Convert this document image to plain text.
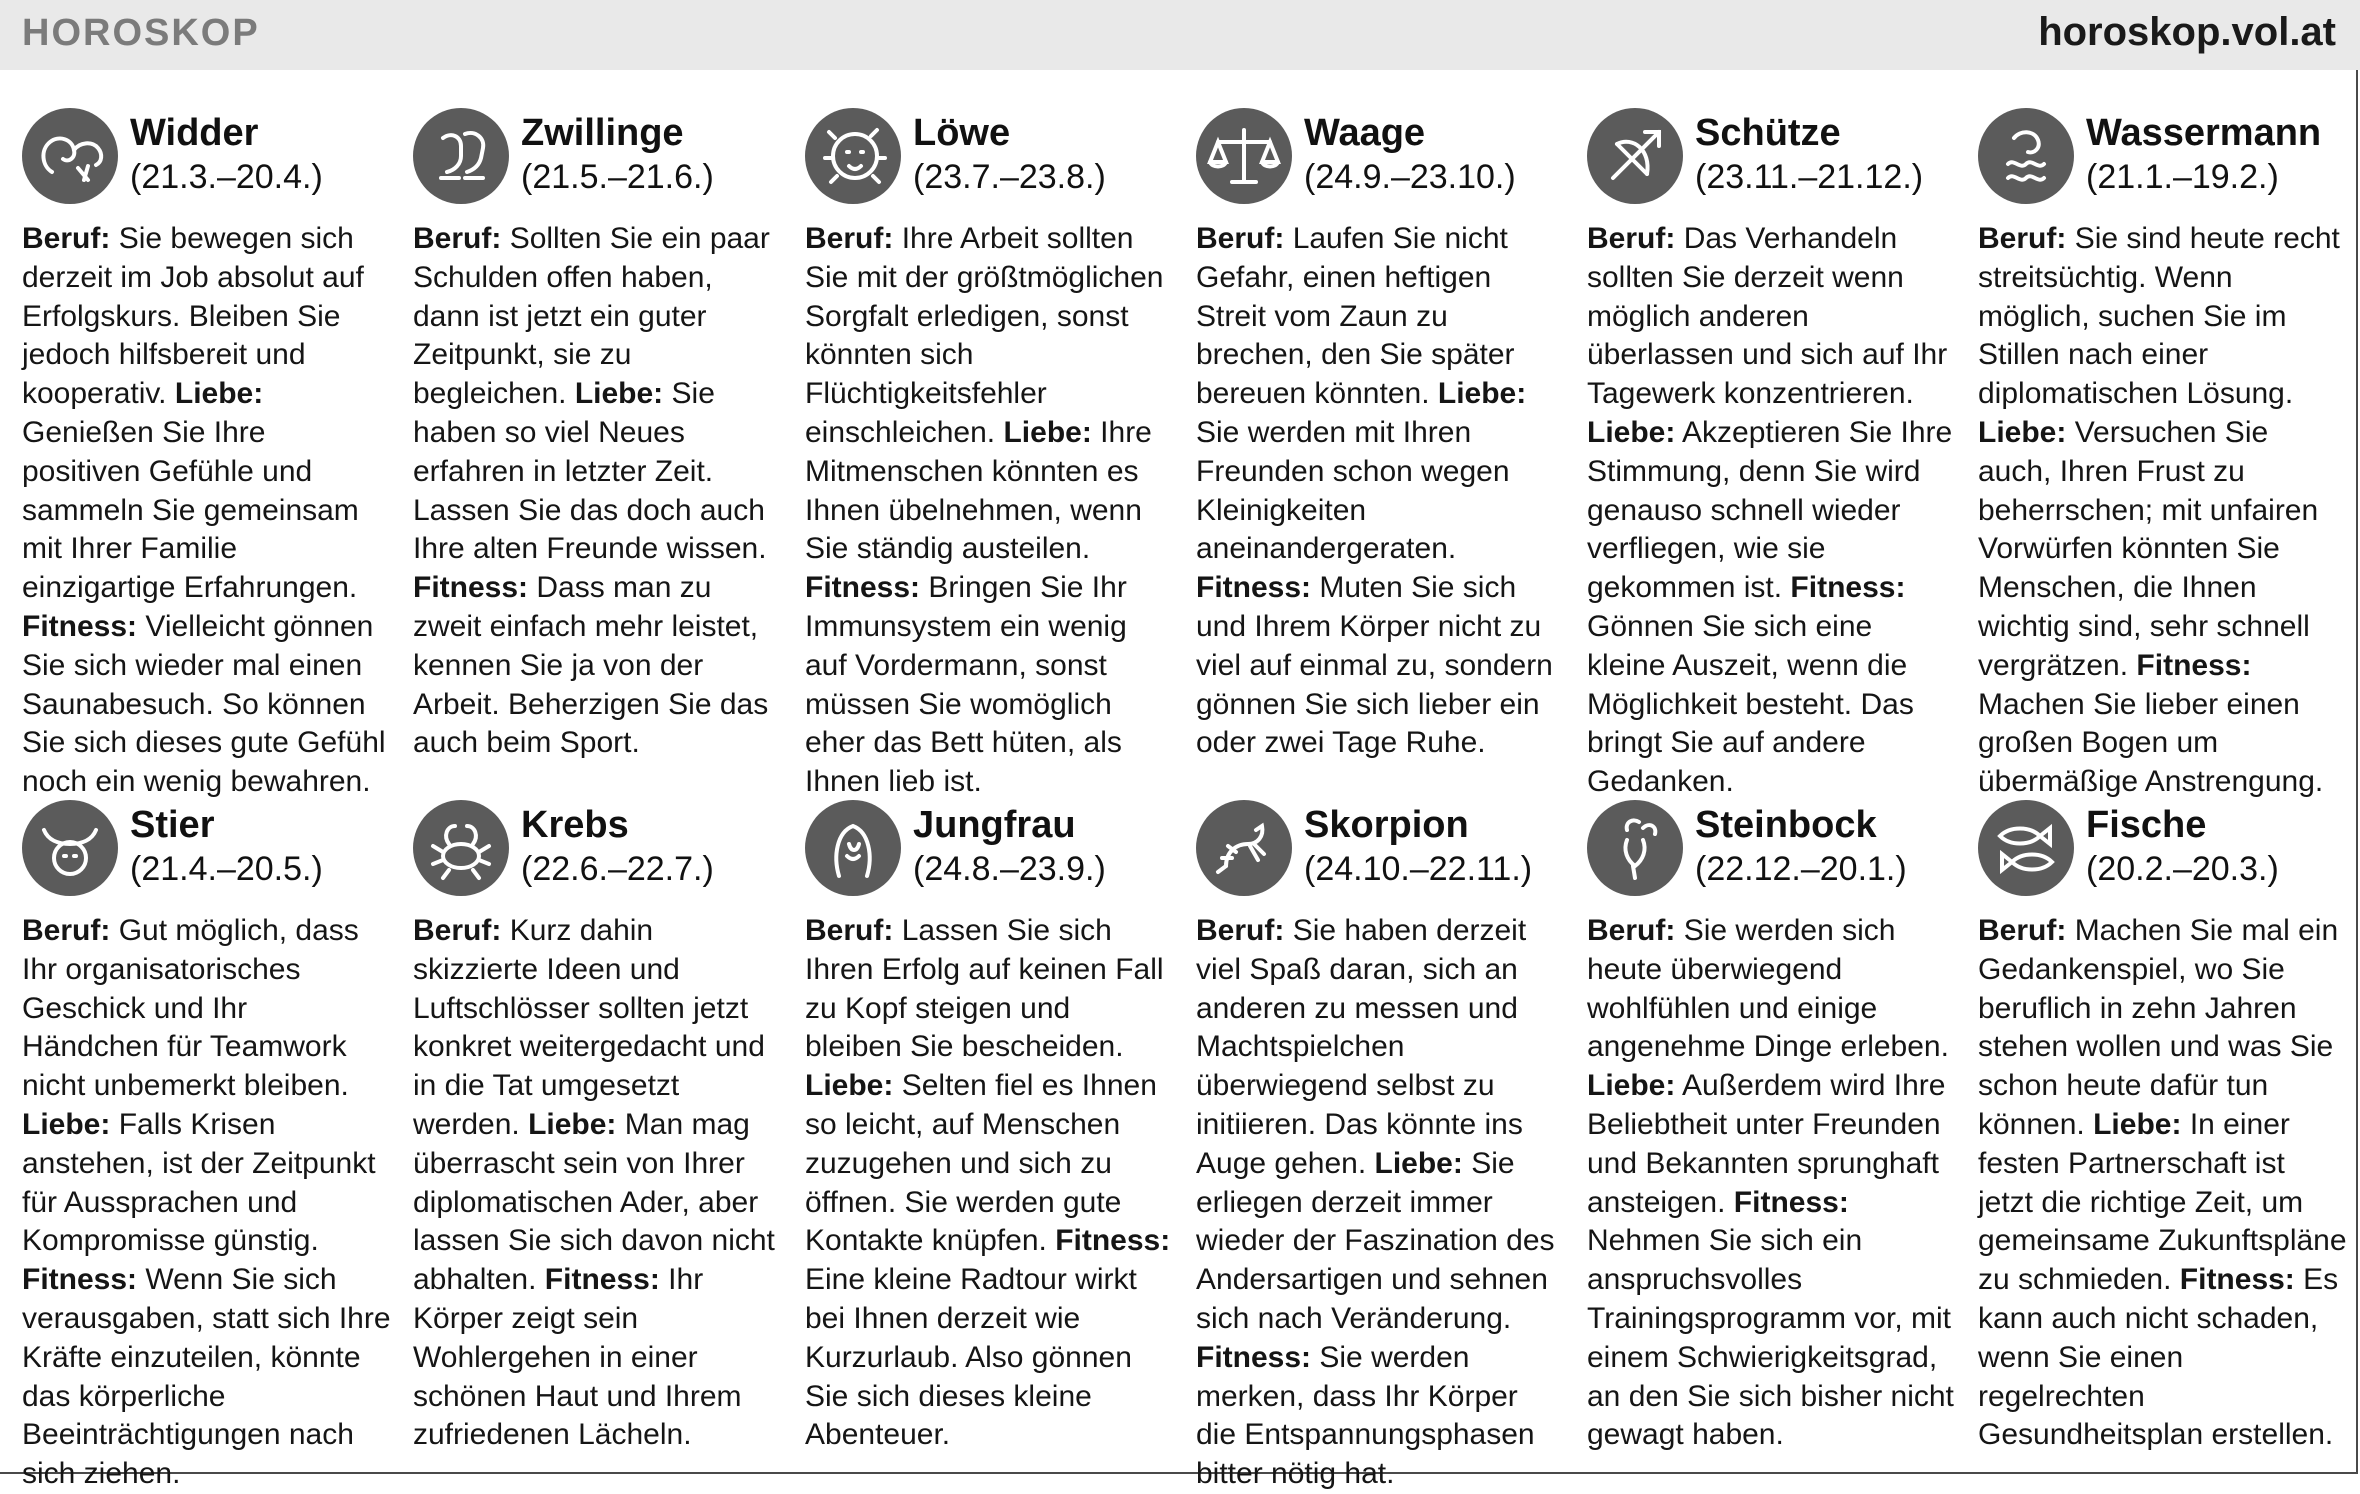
HOROSKOP	horoskop.vol.at
Widder
(21.3.–20.4.)
Beruf: Sie bewegen sich derzeit im Job absolut auf Erfolgskurs. Bleiben Sie jedoch hilfsbereit und kooperativ. Liebe: Genießen Sie Ihre positiven Gefühle und sammeln Sie gemeinsam mit Ihrer Familie einzigartige Erfahrungen. Fitness: Vielleicht gönnen Sie sich wieder mal einen Saunabesuch. So können Sie sich dieses gute Gefühl noch ein wenig bewahren.
Zwillinge
(21.5.–21.6.)
Beruf: Sollten Sie ein paar Schulden offen haben, dann ist jetzt ein guter Zeitpunkt, sie zu begleichen. Liebe: Sie haben so viel Neues erfahren in letzter Zeit. Lassen Sie das doch auch Ihre alten Freunde wissen. Fitness: Dass man zu zweit einfach mehr leistet, kennen Sie ja von der Arbeit. Beherzigen Sie das auch beim Sport.
Löwe
(23.7.–23.8.)
Beruf: Ihre Arbeit sollten Sie mit der größtmöglichen Sorgfalt erledigen, sonst könnten sich Flüchtigkeitsfehler einschleichen. Liebe: Ihre Mitmenschen könnten es Ihnen übelnehmen, wenn Sie ständig austeilen. Fitness: Bringen Sie Ihr Immunsystem ein wenig auf Vordermann, sonst müssen Sie womöglich eher das Bett hüten, als Ihnen lieb ist.
Waage
(24.9.–23.10.)
Beruf: Laufen Sie nicht Gefahr, einen heftigen Streit vom Zaun zu brechen, den Sie später bereuen könnten. Liebe: Sie werden mit Ihren Freunden schon wegen Kleinigkeiten aneinandergeraten. Fitness: Muten Sie sich und Ihrem Körper nicht zu viel auf einmal zu, sondern gönnen Sie sich lieber ein oder zwei Tage Ruhe.
Schütze
(23.11.–21.12.)
Beruf: Das Verhandeln sollten Sie derzeit wenn möglich anderen überlassen und sich auf Ihr Tagewerk konzentrieren. Liebe: Akzeptieren Sie Ihre Stimmung, denn Sie wird genauso schnell wieder verfliegen, wie sie gekommen ist. Fitness: Gönnen Sie sich eine kleine Auszeit, wenn die Möglichkeit besteht. Das bringt Sie auf andere Gedanken.
Wassermann
(21.1.–19.2.)
Beruf: Sie sind heute recht streitsüchtig. Wenn möglich, suchen Sie im Stillen nach einer diplomatischen Lösung. Liebe: Versuchen Sie auch, Ihren Frust zu beherrschen; mit unfairen Vorwürfen könnten Sie Menschen, die Ihnen wichtig sind, sehr schnell vergrätzen. Fitness: Machen Sie lieber einen großen Bogen um übermäßige Anstrengung.
Stier
(21.4.–20.5.)
Beruf: Gut möglich, dass Ihr organisatorisches Geschick und Ihr Händchen für Teamwork nicht unbemerkt bleiben. Liebe: Falls Krisen anstehen, ist der Zeitpunkt für Aussprachen und Kompromisse günstig. Fitness: Wenn Sie sich verausgaben, statt sich Ihre Kräfte einzuteilen, könnte das körperliche Beeinträchtigungen nach sich ziehen.
Krebs
(22.6.–22.7.)
Beruf: Kurz dahin skizzierte Ideen und Luftschlösser sollten jetzt konkret weitergedacht und in die Tat umgesetzt werden. Liebe: Man mag überrascht sein von Ihrer diplomatischen Ader, aber lassen Sie sich davon nicht abhalten. Fitness: Ihr Körper zeigt sein Wohlergehen in einer schönen Haut und Ihrem zufriedenen Lächeln.
Jungfrau
(24.8.–23.9.)
Beruf: Lassen Sie sich Ihren Erfolg auf keinen Fall zu Kopf steigen und bleiben Sie bescheiden. Liebe: Selten fiel es Ihnen so leicht, auf Menschen zuzugehen und sich zu öffnen. Sie werden gute Kontakte knüpfen. Fitness: Eine kleine Radtour wirkt bei Ihnen derzeit wie Kurzurlaub. Also gönnen Sie sich dieses kleine Abenteuer.
Skorpion
(24.10.–22.11.)
Beruf: Sie haben derzeit viel Spaß daran, sich an anderen zu messen und Machtspielchen überwiegend selbst zu initiieren. Das könnte ins Auge gehen. Liebe: Sie erliegen derzeit immer wieder der Faszination des Andersartigen und sehnen sich nach Veränderung. Fitness: Sie werden merken, dass Ihr Körper die Entspannungsphasen bitter nötig hat.
Steinbock
(22.12.–20.1.)
Beruf: Sie werden sich heute überwiegend wohlfühlen und einige angenehme Dinge erleben. Liebe: Außerdem wird Ihre Beliebtheit unter Freunden und Bekannten sprunghaft ansteigen. Fitness: Nehmen Sie sich ein anspruchsvolles Trainingsprogramm vor, mit einem Schwierigkeitsgrad, an den Sie sich bisher nicht gewagt haben.
Fische
(20.2.–20.3.)
Beruf: Machen Sie mal ein Gedankenspiel, wo Sie beruflich in zehn Jahren stehen wollen und was Sie schon heute dafür tun können. Liebe: In einer festen Partnerschaft ist jetzt die richtige Zeit, um gemeinsame Zukunftspläne zu schmieden. Fitness: Es kann auch nicht schaden, wenn Sie einen regelrechten Gesundheitsplan erstellen.
